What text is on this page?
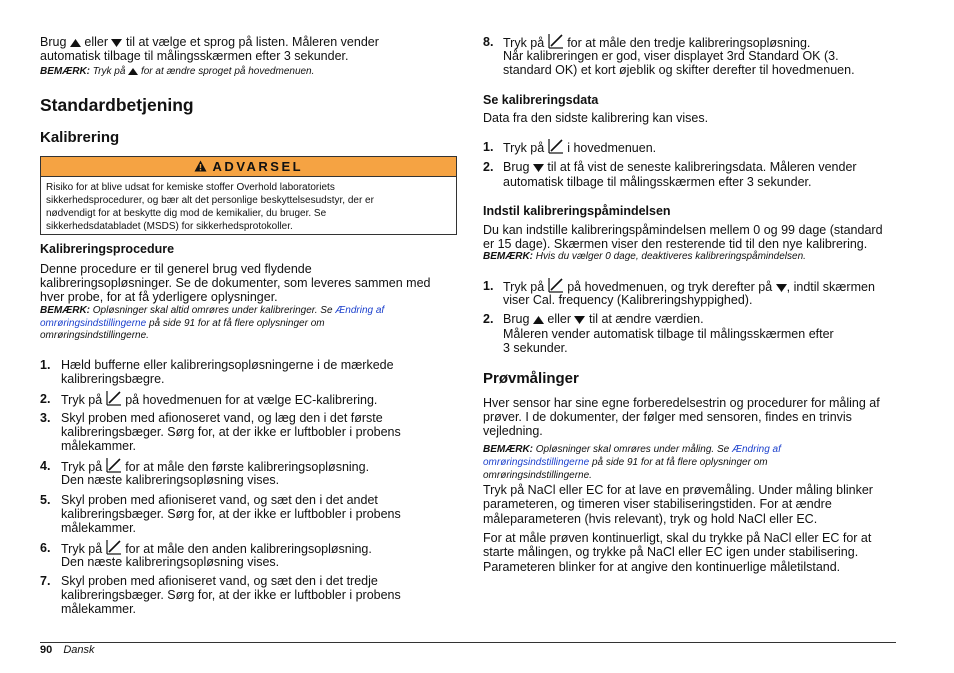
Brug eller til at vælge et sprog på listen. Måleren vender
automatisk tilbage til målingsskærmen efter 3 sekunder.
BEMÆRK: Tryk på for at ændre sproget på hovedmenuen.
Standardbetjening
Kalibrering
ADVARSEL
Risiko for at blive udsat for kemiske stoffer Overhold laboratoriets
sikkerhedsprocedurer, og bær alt det personlige beskyttelsesudstyr, der er
nødvendigt for at beskytte dig mod de kemikalier, du bruger. Se
sikkerhedsdatabladet (MSDS) for sikkerhedsprotokoller.
Kalibreringsprocedure
Denne procedure er til generel brug ved flydende
kalibreringsopløsninger. Se de dokumenter, som leveres sammen med
hver probe, for at få yderligere oplysninger.
BEMÆRK: Opløsninger skal altid omrøres under kalibreringer. Se Ændring af
omrøringsindstillingerne på side 91 for at få flere oplysninger om
omrøringsindstillingerne.
1. Hæld bufferne eller kalibreringsopløsningerne i de mærkede
kalibreringsbægre.
2. Tryk på på hovedmenuen for at vælge EC-kalibrering.
3. Skyl proben med afionoseret vand, og læg den i det første
kalibreringsbæger. Sørg for, at der ikke er luftbobler i probens
målekammer.
4. Tryk på for at måle den første kalibreringsopløsning.
Den næste kalibreringsopløsning vises.
5. Skyl proben med afioniseret vand, og sæt den i det andet
kalibreringsbæger. Sørg for, at der ikke er luftbobler i probens
målekammer.
6. Tryk på for at måle den anden kalibreringsopløsning.
Den næste kalibreringsopløsning vises.
7. Skyl proben med afioniseret vand, og sæt den i det tredje
kalibreringsbæger. Sørg for, at der ikke er luftbobler i probens
målekammer.
8. Tryk på for at måle den tredje kalibreringsopløsning.
Når kalibreringen er god, viser displayet 3rd Standard OK (3.
standard OK) et kort øjeblik og skifter derefter til hovedmenuen.
Se kalibreringsdata
Data fra den sidste kalibrering kan vises.
1. Tryk på i hovedmenuen.
2. Brug til at få vist de seneste kalibreringsdata. Måleren vender
automatisk tilbage til målingsskærmen efter 3 sekunder.
Indstil kalibreringspåmindelsen
Du kan indstille kalibreringspåmindelsen mellem 0 og 99 dage (standard
er 15 dage). Skærmen viser den resterende tid til den nye kalibrering.
BEMÆRK: Hvis du vælger 0 dage, deaktiveres kalibreringspåmindelsen.
1. Tryk på på hovedmenuen, og tryk derefter på , indtil skærmen
viser Cal. frequency (Kalibreringshyppighed).
2. Brug eller til at ændre værdien.
Måleren vender automatisk tilbage til målingsskærmen efter
3 sekunder.
Prøvmålinger
Hver sensor har sine egne forberedelsestrin og procedurer for måling af
prøver. I de dokumenter, der følger med sensoren, findes en trinvis
vejledning.
BEMÆRK: Opløsninger skal omrøres under måling. Se Ændring af
omrøringsindstillingerne på side 91 for at få flere oplysninger om
omrøringsindstillingerne.
Tryk på NaCl eller EC for at lave en prøvemåling. Under måling blinker
parameteren, og timeren viser stabiliseringstiden. For at ændre
måleparameteren (hvis relevant), tryk og hold NaCl eller EC.
For at måle prøven kontinuerligt, skal du trykke på NaCl eller EC for at
starte målingen, og trykke på NaCl eller EC igen under stabilisering.
Parameteren blinker for at angive den kontinuerlige måletilstand.
90 Dansk
